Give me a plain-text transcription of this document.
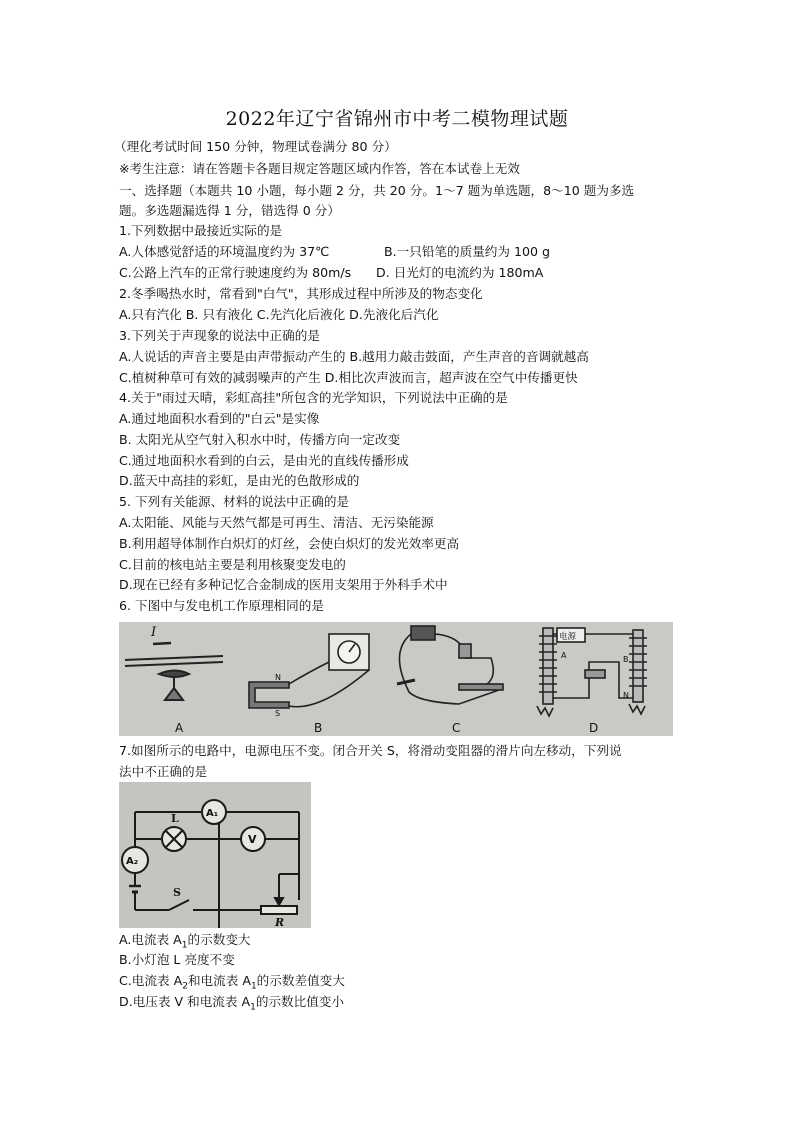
2022年辽宁省锦州市中考二模物理试题
（理化考试时间 150 分钟，物理试卷满分 80 分）
※考生注意：请在答题卡各题目规定答题区域内作答，答在本试卷上无效
一、选择题（本题共 10 小题，每小题 2 分，共 20 分。1～7 题为单选题，8～10 题为多选
题。多选题漏选得 1 分，错选得 0 分）
1.下列数据中最接近实际的是
A.人体感觉舒适的环境温度约为 37℃	B.一只铅笔的质量约为 100 g
C.公路上汽车的正常行驶速度约为 80m/s D. 日光灯的电流约为 180mA
2.冬季喝热水时，常看到"白气"，其形成过程中所涉及的物态变化
A.只有汽化 B. 只有液化 C.先汽化后液化 D.先液化后汽化
3.下列关于声现象的说法中正确的是
A.人说话的声音主要是由声带振动产生的 B.越用力敲击鼓面，产生声音的音调就越高
C.植树种草可有效的减弱噪声的产生 D.相比次声波而言，超声波在空气中传播更快
4.关于"雨过天晴，彩虹高挂"所包含的光学知识，下列说法中正确的是
A.通过地面积水看到的"白云"是实像
B. 太阳光从空气射入积水中时，传播方向一定改变
C.通过地面积水看到的白云，是由光的直线传播形成
D.蓝天中高挂的彩虹，是由光的色散形成的
5. 下列有关能源、材料的说法中正确的是
A.太阳能、风能与天然气都是可再生、清洁、无污染能源
B.利用超导体制作白炽灯的灯丝，会使白炽灯的发光效率更高
C.目前的核电站主要是利用核聚变发电的
D.现在已经有多种记忆合金制成的医用支架用于外科手术中
6. 下图中与发电机工作原理相同的是
I
A
N
S
B	C
电源
A	B
N
D
7.如图所示的电路中，电源电压不变。闭合开关 S，将滑动变阻器的滑片向左移动，下列说
法中不正确的是
A₁
L
V
A₂
S
R
A.电流表 $A_1$的示数变大
B.小灯泡 L 亮度不变
C.电流表 $A_2$和电流表 $A_1$的示数差值变大
D.电压表 V 和电流表 $A_1$的示数比值变小
